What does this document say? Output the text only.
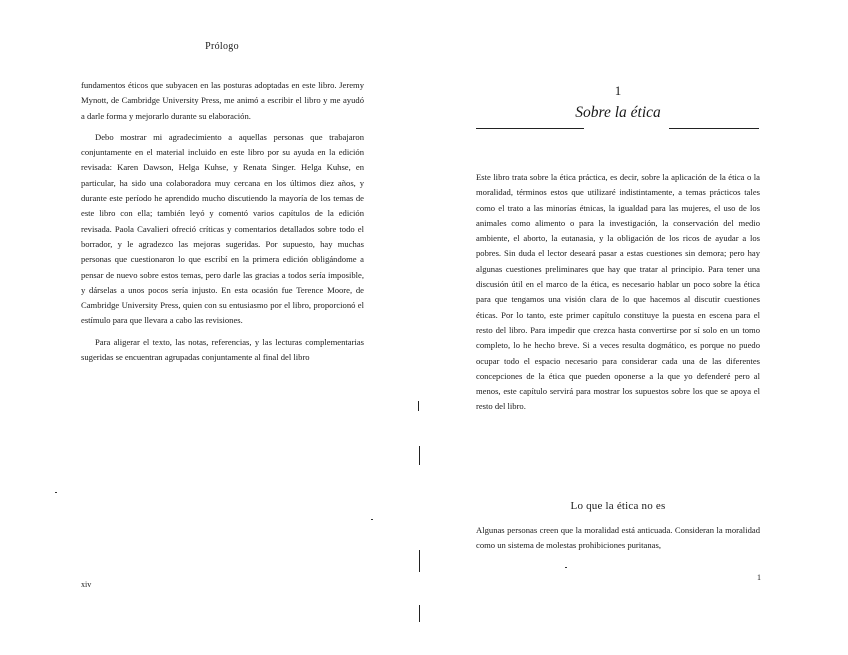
Prólogo

fundamentos éticos que subyacen en las posturas adoptadas en este libro. Jeremy Mynott, de Cambridge University Press, me animó a escribir el libro y me ayudó a darle forma y mejorarlo durante su elaboración.

Debo mostrar mi agradecimiento a aquellas personas que trabajaron conjuntamente en el material incluido en este libro por su ayuda en la edición revisada: Karen Dawson, Helga Kuhse, y Renata Singer. Helga Kuhse, en particular, ha sido una colaboradora muy cercana en los últimos diez años, y durante este período he aprendido mucho discutiendo la mayoría de los temas de este libro con ella; también leyó y comentó varios capítulos de la edición revisada. Paola Cavalieri ofreció críticas y comentarios detallados sobre todo el borrador, y le agradezco las mejoras sugeridas. Por supuesto, hay muchas personas que cuestionaron lo que escribí en la primera edición obligándome a pensar de nuevo sobre estos temas, pero darle las gracias a todos sería imposible, y dárselas a unos pocos sería injusto. En esta ocasión fue Terence Moore, de Cambridge University Press, quien con su entusiasmo por el libro, proporcionó el estímulo para que llevara a cabo las revisiones.

Para aligerar el texto, las notas, referencias, y las lecturas complementarias sugeridas se encuentran agrupadas conjuntamente al final del libro

xiv
1
Sobre la ética

Este libro trata sobre la ética práctica, es decir, sobre la aplicación de la ética o la moralidad, términos estos que utilizaré indistintamente, a temas prácticos tales como el trato a las minorías étnicas, la igualdad para las mujeres, el uso de los animales como alimento o para la investigación, la conservación del medio ambiente, el aborto, la eutanasia, y la obligación de los ricos de ayudar a los pobres. Sin duda el lector deseará pasar a estas cuestiones sin demora; pero hay algunas cuestiones preliminares que hay que tratar al principio. Para tener una discusión útil en el marco de la ética, es necesario hablar un poco sobre la ética para que tengamos una visión clara de lo que hacemos al discutir cuestiones éticas. Por lo tanto, este primer capítulo constituye la puesta en escena para el resto del libro. Para impedir que crezca hasta convertirse por sí solo en un tomo completo, lo he hecho breve. Si a veces resulta dogmático, es porque no puedo ocupar todo el espacio necesario para considerar cada una de las diferentes concepciones de la ética que pueden oponerse a la que yo defenderé pero al menos, este capítulo servirá para mostrar los supuestos sobre los que se apoya el resto del libro.

Lo que la ética no es

Algunas personas creen que la moralidad está anticuada. Consideran la moralidad como un sistema de molestas prohibiciones puritanas,

1
